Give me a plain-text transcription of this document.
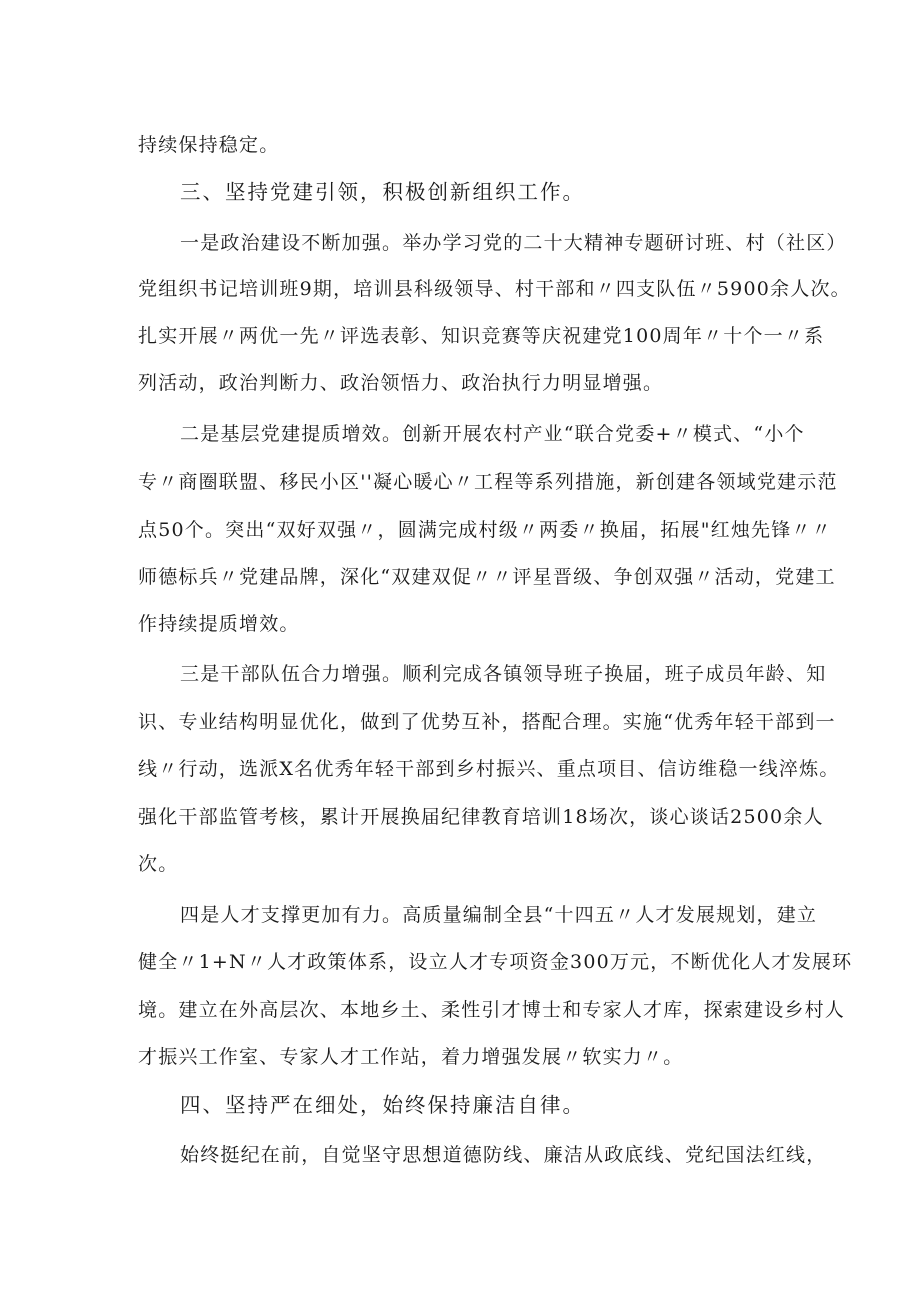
持续保持稳定。
三、坚持党建引领，积极创新组织工作。
一是政治建设不断加强。举办学习党的二十大精神专题研讨班、村（社区）
党组织书记培训班9期，培训县科级领导、村干部和〃四支队伍〃5900余人次。
扎实开展〃两优一先〃评选表彰、知识竞赛等庆祝建党100周年〃十个一〃系
列活动，政治判断力、政治领悟力、政治执行力明显增强。
二是基层党建提质增效。创新开展农村产业“联合党委+〃模式、“小个
专〃商圈联盟、移民小区''凝心暖心〃工程等系列措施，新创建各领域党建示范
点50个。突出“双好双强〃，圆满完成村级〃两委〃换届，拓展"红烛先锋〃〃
师德标兵〃党建品牌，深化“双建双促〃〃评星晋级、争创双强〃活动，党建工
作持续提质增效。
三是干部队伍合力增强。顺利完成各镇领导班子换届，班子成员年龄、知
识、专业结构明显优化，做到了优势互补，搭配合理。实施“优秀年轻干部到一
线〃行动，选派X名优秀年轻干部到乡村振兴、重点项目、信访维稳一线淬炼。
强化干部监管考核，累计开展换届纪律教育培训18场次，谈心谈话2500余人
次。
四是人才支撑更加有力。高质量编制全县“十四五〃人才发展规划，建立
健全〃1+N〃人才政策体系，设立人才专项资金300万元，不断优化人才发展环
境。建立在外高层次、本地乡土、柔性引才博士和专家人才库，探索建设乡村人
才振兴工作室、专家人才工作站，着力增强发展〃软实力〃。
四、坚持严在细处，始终保持廉洁自律。
始终挺纪在前，自觉坚守思想道德防线、廉洁从政底线、党纪国法红线，
